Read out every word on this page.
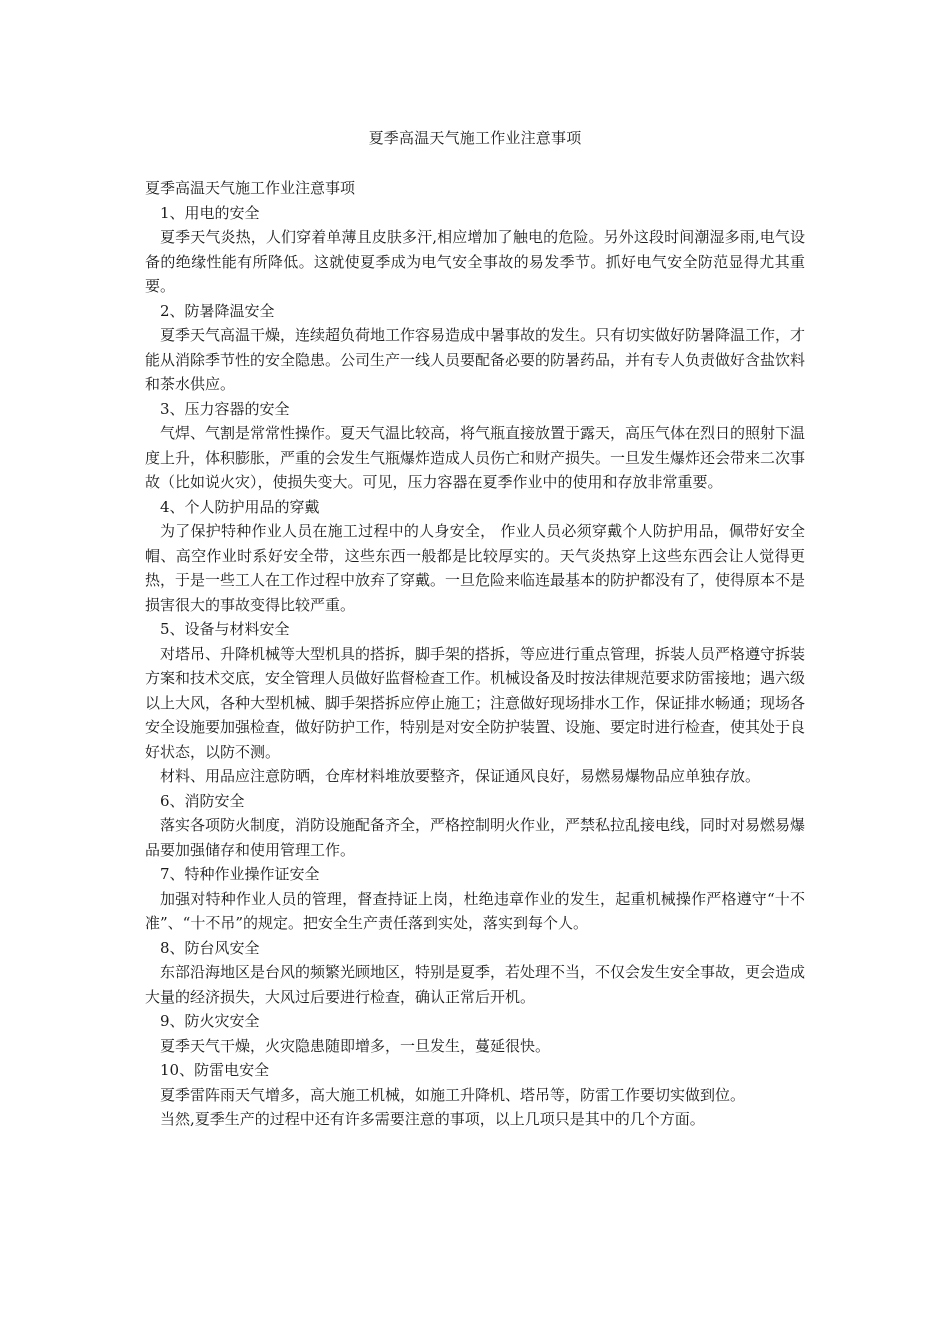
夏季高温天气施工作业注意事项

夏季高温天气施工作业注意事项

1、用电的安全

夏季天气炎热，人们穿着单薄且皮肤多汗,相应增加了触电的危险。另外这段时间潮湿多雨,电气设备的绝缘性能有所降低。这就使夏季成为电气安全事故的易发季节。抓好电气安全防范显得尤其重要。

2、防暑降温安全

夏季天气高温干燥，连续超负荷地工作容易造成中暑事故的发生。只有切实做好防暑降温工作，才能从消除季节性的安全隐患。公司生产一线人员要配备必要的防暑药品，并有专人负责做好含盐饮料和茶水供应。

3、压力容器的安全

气焊、气割是常常性操作。夏天气温比较高，将气瓶直接放置于露天，高压气体在烈日的照射下温度上升，体积膨胀，严重的会发生气瓶爆炸造成人员伤亡和财产损失。一旦发生爆炸还会带来二次事故（比如说火灾），使损失变大。可见，压力容器在夏季作业中的使用和存放非常重要。

4、个人防护用品的穿戴

为了保护特种作业人员在施工过程中的人身安全， 作业人员必须穿戴个人防护用品，佩带好安全帽、高空作业时系好安全带，这些东西一般都是比较厚实的。天气炎热穿上这些东西会让人觉得更热，于是一些工人在工作过程中放弃了穿戴。一旦危险来临连最基本的防护都没有了，使得原本不是损害很大的事故变得比较严重。

5、设备与材料安全

对塔吊、升降机械等大型机具的搭拆，脚手架的搭拆，等应进行重点管理，拆装人员严格遵守拆装方案和技术交底，安全管理人员做好监督检查工作。机械设备及时按法律规范要求防雷接地；遇六级以上大风，各种大型机械、脚手架搭拆应停止施工；注意做好现场排水工作，保证排水畅通；现场各安全设施要加强检查，做好防护工作，特别是对安全防护装置、设施、要定时进行检查，使其处于良好状态，以防不测。

材料、用品应注意防晒，仓库材料堆放要整齐，保证通风良好，易燃易爆物品应单独存放。

6、消防安全

落实各项防火制度，消防设施配备齐全，严格控制明火作业，严禁私拉乱接电线，同时对易燃易爆品要加强储存和使用管理工作。

7、特种作业操作证安全

加强对特种作业人员的管理，督查持证上岗，杜绝违章作业的发生，起重机械操作严格遵守“十不准”、“十不吊”的规定。把安全生产责任落到实处，落实到每个人。

8、防台风安全

东部沿海地区是台风的频繁光顾地区，特别是夏季，若处理不当，不仅会发生安全事故，更会造成大量的经济损失，大风过后要进行检查，确认正常后开机。

9、防火灾安全

夏季天气干燥，火灾隐患随即增多，一旦发生，蔓延很快。

10、防雷电安全

夏季雷阵雨天气增多，高大施工机械，如施工升降机、塔吊等，防雷工作要切实做到位。

当然,夏季生产的过程中还有许多需要注意的事项，以上几项只是其中的几个方面。
